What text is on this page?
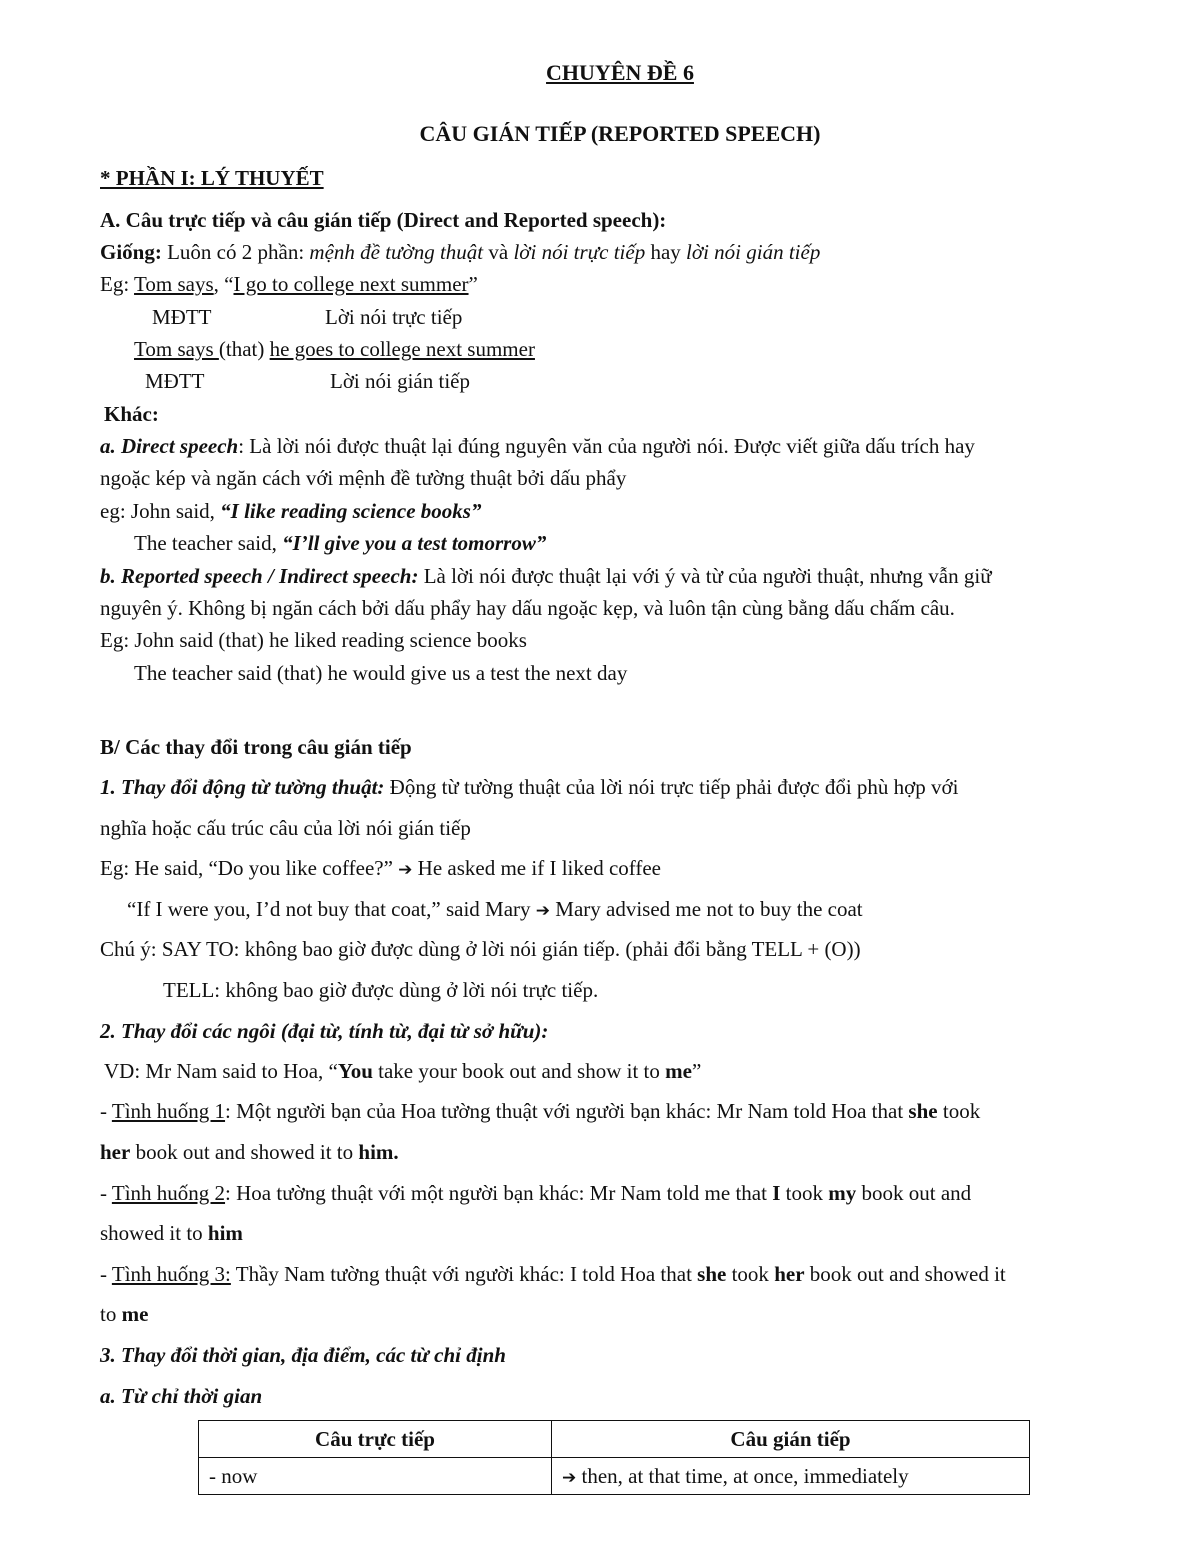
CHUYÊN ĐỀ 6
CÂU GIÁN TIẾP (REPORTED SPEECH)
* PHẦN I: LÝ THUYẾT
A. Câu trực tiếp và câu gián tiếp (Direct and Reported speech):
Giống: Luôn có 2 phần: mệnh đề tường thuật và lời nói trực tiếp hay lời nói gián tiếp
Eg: Tom says, “I go to college next summer”
MĐTT	Lời nói trực tiếp
Tom says (that) he goes to college next summer
MĐTT	Lời nói gián tiếp
Khác:
a. Direct speech: Là lời nói được thuật lại đúng nguyên văn của người nói. Được viết giữa dấu trích hay
ngoặc kép và ngăn cách với mệnh đề tường thuật bởi dấu phẩy
eg: John said, “I like reading science books”
The teacher said, “I’ll give you a test tomorrow”
b. Reported speech / Indirect speech: Là lời nói được thuật lại với ý và từ của người thuật, nhưng vẫn giữ
nguyên ý. Không bị ngăn cách bởi dấu phẩy hay dấu ngoặc kẹp, và luôn tận cùng bằng dấu chấm câu.
Eg: John said (that) he liked reading science books
The teacher said (that) he would give us a test the next day
B/ Các thay đổi trong câu gián tiếp
1. Thay đổi động từ tường thuật: Động từ tường thuật của lời nói trực tiếp phải được đổi phù hợp với
nghĩa hoặc cấu trúc câu của lời nói gián tiếp
Eg: He said, “Do you like coffee?” ➔ He asked me if I liked coffee
“If I were you, I’d not buy that coat,” said Mary ➔ Mary advised me not to buy the coat
Chú ý: SAY TO: không bao giờ được dùng ở lời nói gián tiếp. (phải đổi bằng TELL + (O))
TELL: không bao giờ được dùng ở lời nói trực tiếp.
2. Thay đổi các ngôi (đại từ, tính từ, đại từ sở hữu):
VD: Mr Nam said to Hoa, “You take your book out and show it to me”
- Tình huống 1: Một người bạn của Hoa tường thuật với người bạn khác: Mr Nam told Hoa that she took
her book out and showed it to him.
- Tình huống 2: Hoa tường thuật với một người bạn khác: Mr Nam told me that I took my book out and
showed it to him
- Tình huống 3: Thầy Nam tường thuật với người khác: I told Hoa that she took her book out and showed it
to me
3. Thay đổi thời gian, địa điểm, các từ chỉ định
a. Từ chỉ thời gian
Câu trực tiếp	Câu gián tiếp
- now	➔ then, at that time, at once, immediately
